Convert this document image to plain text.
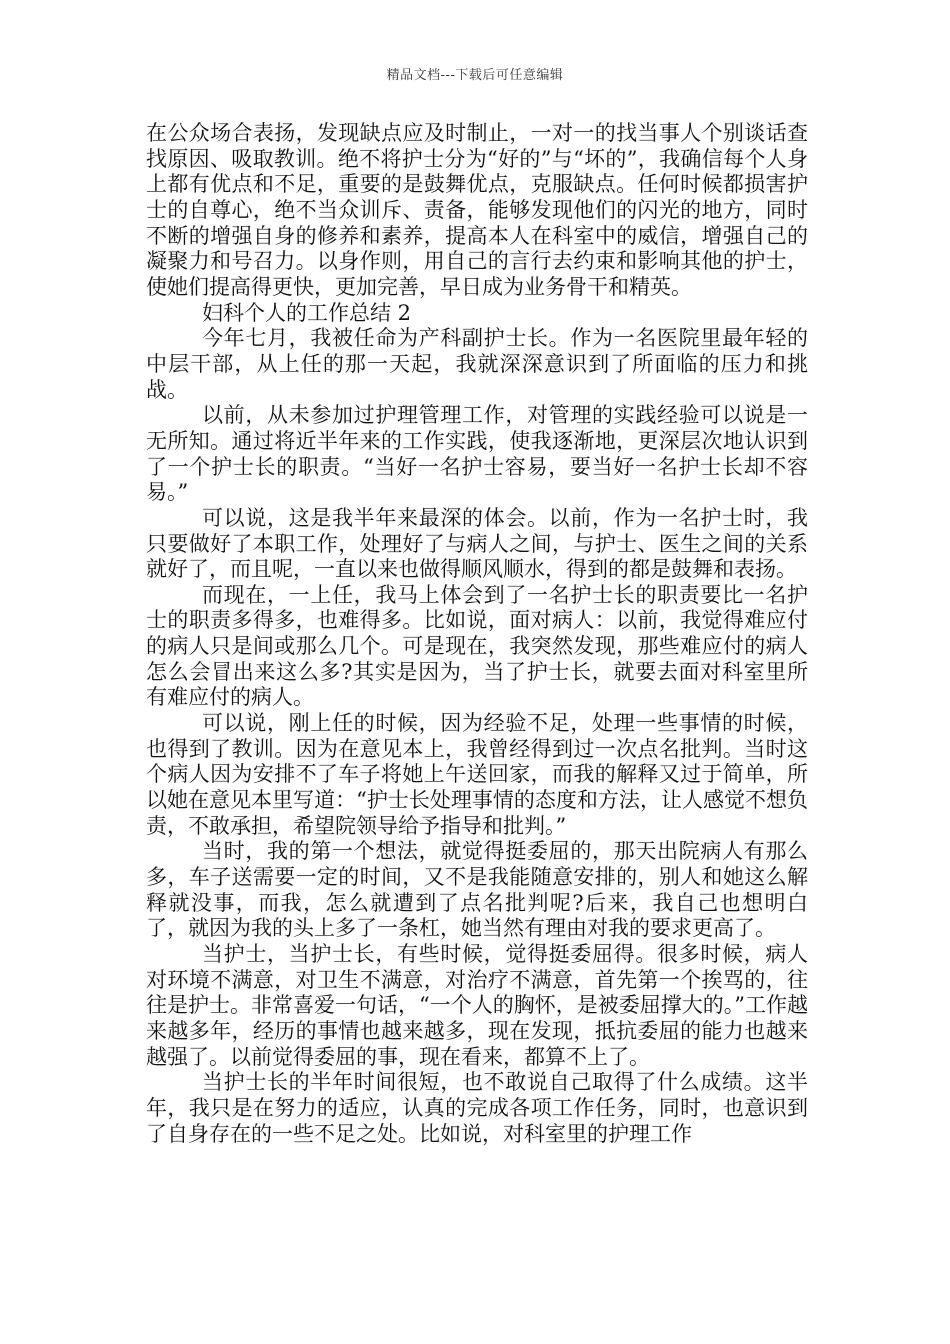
精品文档---下载后可任意编辑

在公众场合表扬，发现缺点应及时制止，一对一的找当事人个别谈话查找原因、吸取教训。绝不将护士分为“好的”与“坏的”，我确信每个人身上都有优点和不足，重要的是鼓舞优点，克服缺点。任何时候都损害护士的自尊心，绝不当众训斥、责备，能够发现他们的闪光的地方，同时不断的增强自身的修养和素养，提高本人在科室中的威信，增强自己的凝聚力和号召力。以身作则，用自己的言行去约束和影响其他的护士，使她们提高得更快，更加完善，早日成为业务骨干和精英。

妇科个人的工作总结 2

今年七月，我被任命为产科副护士长。作为一名医院里最年轻的中层干部，从上任的那一天起，我就深深意识到了所面临的压力和挑战。

以前，从未参加过护理管理工作，对管理的实践经验可以说是一无所知。通过将近半年来的工作实践，使我逐渐地，更深层次地认识到了一个护士长的职责。“当好一名护士容易，要当好一名护士长却不容易。”

可以说，这是我半年来最深的体会。以前，作为一名护士时，我只要做好了本职工作，处理好了与病人之间，与护士、医生之间的关系就好了，而且呢，一直以来也做得顺风顺水，得到的都是鼓舞和表扬。

而现在，一上任，我马上体会到了一名护士长的职责要比一名护士的职责多得多，也难得多。比如说，面对病人：以前，我觉得难应付的病人只是间或那么几个。可是现在，我突然发现，那些难应付的病人怎么会冒出来这么多?其实是因为，当了护士长，就要去面对科室里所有难应付的病人。

可以说，刚上任的时候，因为经验不足，处理一些事情的时候，也得到了教训。因为在意见本上，我曾经得到过一次点名批判。当时这个病人因为安排不了车子将她上午送回家，而我的解释又过于简单，所以她在意见本里写道：“护士长处理事情的态度和方法，让人感觉不想负责，不敢承担，希望院领导给予指导和批判。”

当时，我的第一个想法，就觉得挺委屈的，那天出院病人有那么多，车子送需要一定的时间，又不是我能随意安排的，别人和她这么解释就没事，而我，怎么就遭到了点名批判呢?后来，我自己也想明白了，就因为我的头上多了一条杠，她当然有理由对我的要求更高了。

当护士，当护士长，有些时候，觉得挺委屈得。很多时候，病人对环境不满意，对卫生不满意，对治疗不满意，首先第一个挨骂的，往往是护士。非常喜爱一句话，“一个人的胸怀，是被委屈撑大的。”工作越来越多年，经历的事情也越来越多，现在发现，抵抗委屈的能力也越来越强了。以前觉得委屈的事，现在看来，都算不上了。

当护士长的半年时间很短，也不敢说自己取得了什么成绩。这半年，我只是在努力的适应，认真的完成各项工作任务，同时，也意识到了自身存在的一些不足之处。比如说，对科室里的护理工作
